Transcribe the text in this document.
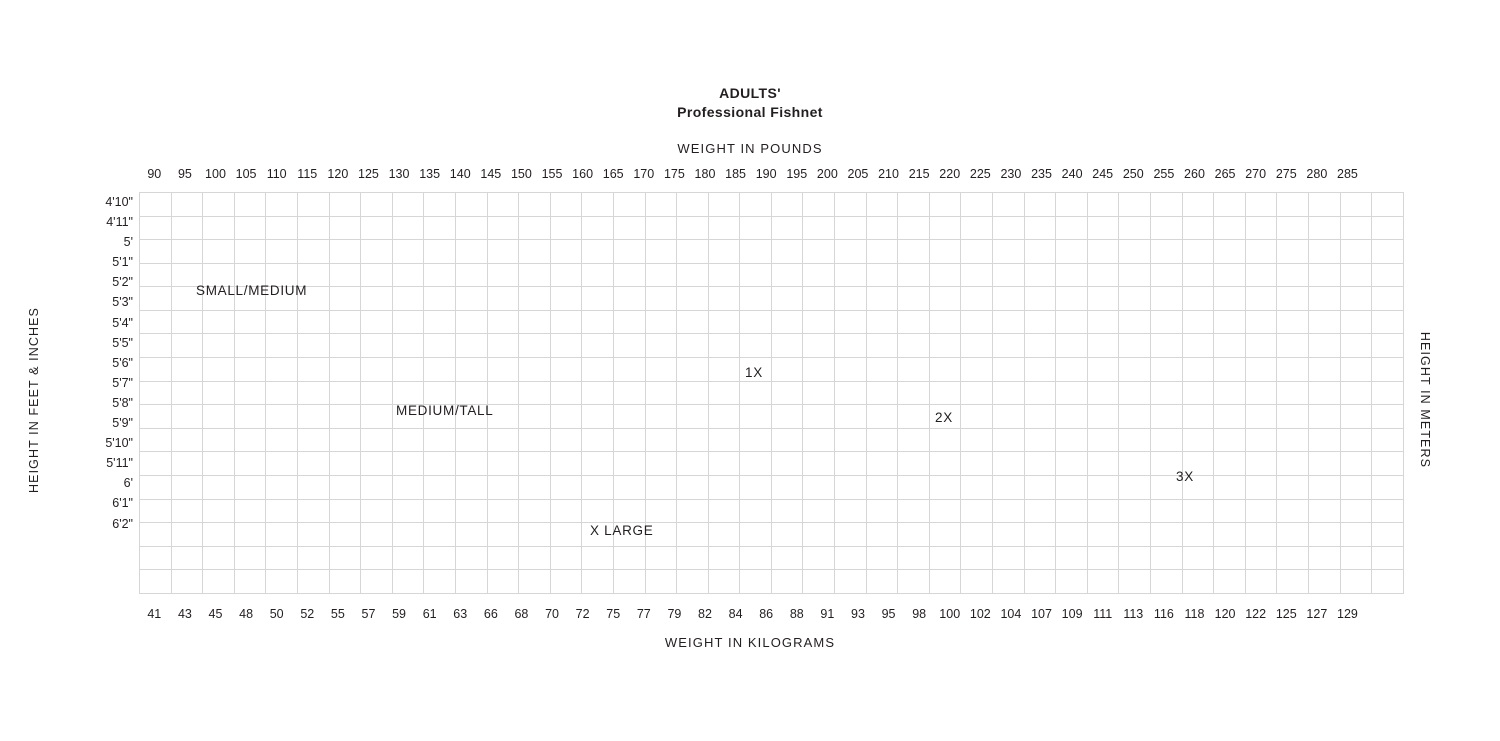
ADULTS'
Professional Fishnet
WEIGHT IN POUNDS
WEIGHT IN KILOGRAMS
HEIGHT IN FEET & INCHES	HEIGHT IN METERS
90	95	100 105 110 115 120 125 130 135 140 145 150 155 160 165 170 175 180 185 190 195 200 205 210 215 220 225 230 235 240 245 250 255 260 265 270 275 280 285
41	43	45	48	50	52	55	57	59	61	63	66	68	70	72	75	77	79	82	84	86	88	91	93	95	98	100 102 104 107 109 111 113 116 118 120 122 125 127 129
4'10"
4'11"
5'
5'1"
5'2"
5'3"
5'4"
5'5"
5'6"
5'7"
5'8"
5'9"
5'10"
5'11"
6'
6'1"
6'2"

SMALL/MEDIUM
MEDIUM/TALL
X LARGE
1X
2X
3X
